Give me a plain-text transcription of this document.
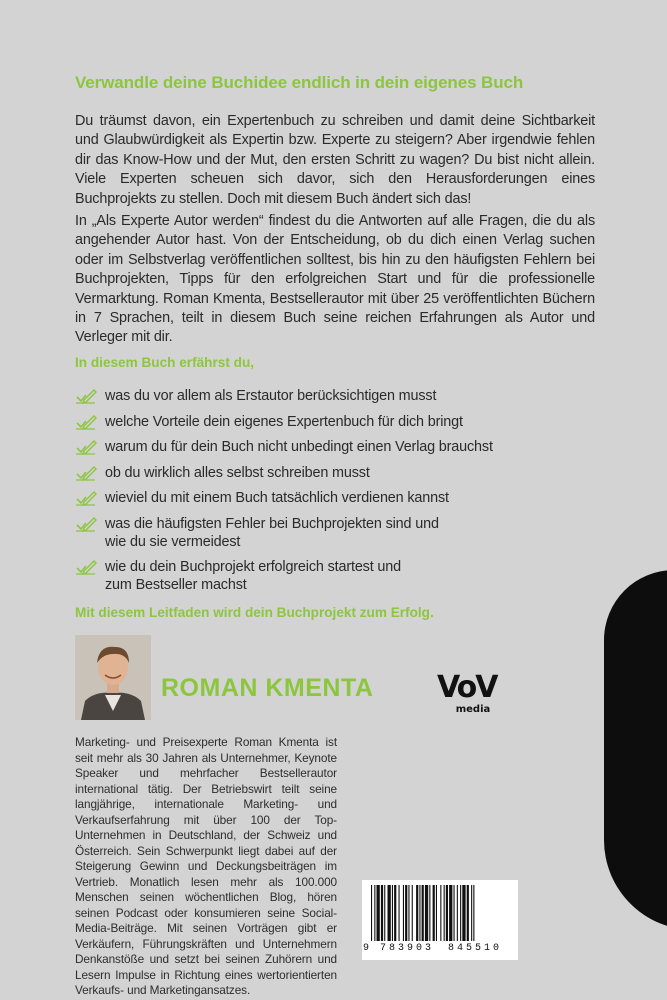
Verwandle deine Buchidee endlich in dein eigenes Buch
Du träumst davon, ein Expertenbuch zu schreiben und damit deine Sichtbarkeit und Glaubwürdigkeit als Expertin bzw. Experte zu steigern? Aber irgendwie fehlen dir das Know-How und der Mut, den ersten Schritt zu wagen? Du bist nicht allein. Viele Experten scheuen sich davor, sich den Herausforderungen eines Buchprojekts zu stellen. Doch mit diesem Buch ändert sich das!
In „Als Experte Autor werden“ findest du die Antworten auf alle Fragen, die du als angehender Autor hast. Von der Entscheidung, ob du dich einen Verlag suchen oder im Selbstverlag veröffentlichen solltest, bis hin zu den häufigsten Fehlern bei Buchprojekten, Tipps für den erfolgreichen Start und für die professionelle Vermarktung. Roman Kmenta, Bestsellerautor mit über 25 veröffentlichten Büchern in 7 Sprachen, teilt in diesem Buch seine reichen Erfahrungen als Autor und Verleger mit dir.
In diesem Buch erfährst du,
was du vor allem als Erstautor berücksichtigen musst
welche Vorteile dein eigenes Expertenbuch für dich bringt
warum du für dein Buch nicht unbedingt einen Verlag brauchst
ob du wirklich alles selbst schreiben musst
wieviel du mit einem Buch tatsächlich verdienen kannst
was die häufigsten Fehler bei Buchprojekten sind und wie du sie vermeidest
wie du dein Buchprojekt erfolgreich startest und zum Bestseller machst
Mit diesem Leitfaden wird dein Buchprojekt zum Erfolg.
ROMAN KMENTA VoV
media
Marketing- und Preisexperte Roman Kmenta ist seit mehr als 30 Jahren als Unternehmer, Keynote Speaker und mehrfacher Bestsellerautor international tätig. Der Betriebswirt teilt seine langjährige, internationale Marketing- und Verkaufserfahrung mit über 100 der Top-Unternehmen in Deutschland, der Schweiz und Österreich. Sein Schwerpunkt liegt dabei auf der Steigerung Gewinn und Deckungsbeiträgen im Vertrieb. Monatlich lesen mehr als 100.000 Menschen seinen wöchentlichen Blog, hören seinen Podcast oder konsumieren seine Social-Media-Beiträge. Mit seinen Vorträgen gibt er Verkäufern, Führungskräften und Unternehmern Denkanstöße und setzt bei seinen Zuhörern und Lesern Impulse in Richtung eines wertorientierten Verkaufs- und Marketingansatzes.
9 783903 845510
